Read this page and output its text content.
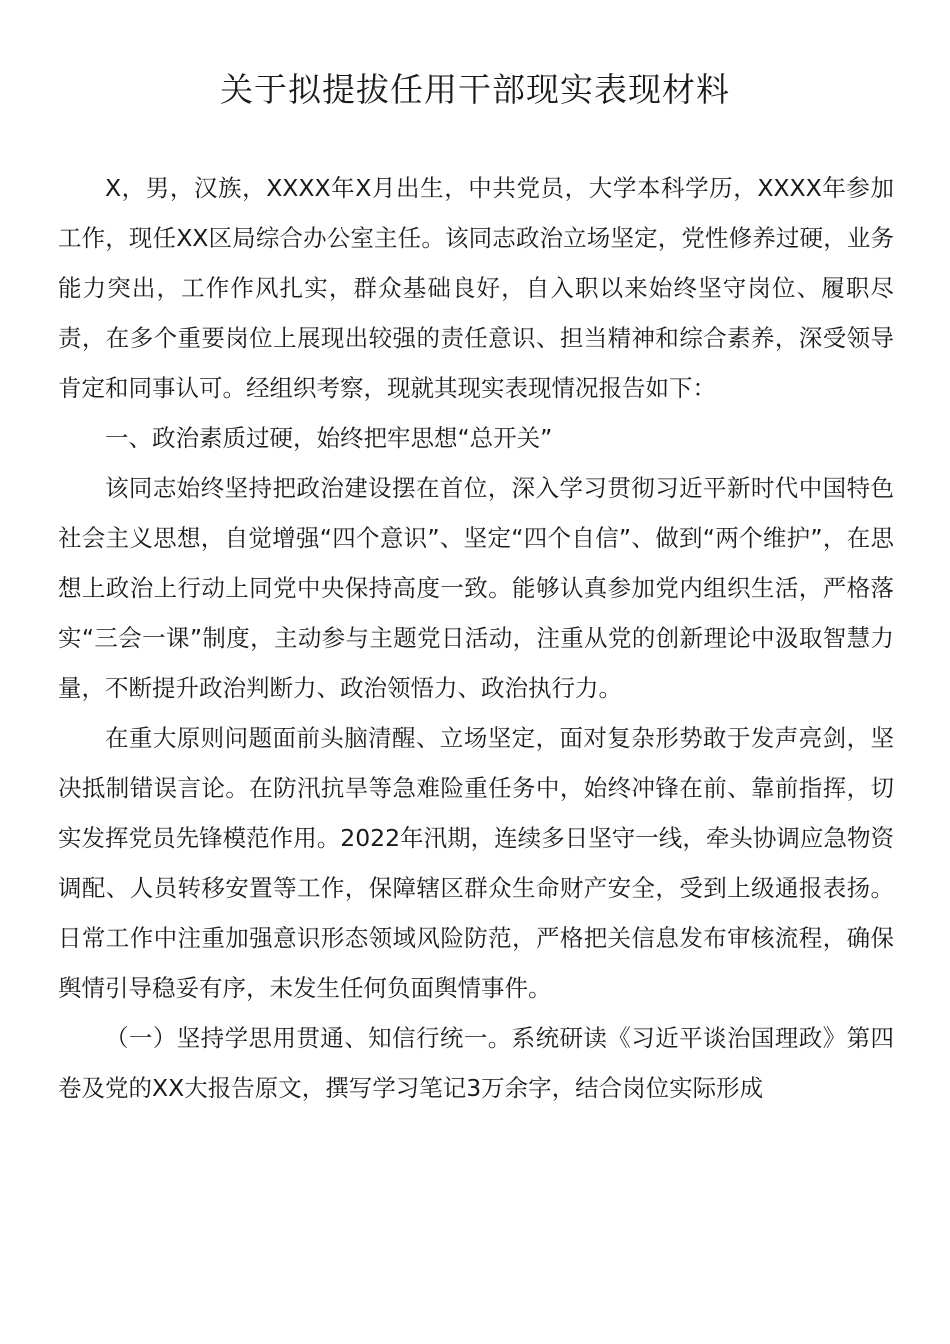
关于拟提拔任用干部现实表现材料

X，男，汉族，XXXX年X月出生，中共党员，大学本科学历，XXXX年参加工作，现任XX区局综合办公室主任。该同志政治立场坚定，党性修养过硬，业务能力突出，工作作风扎实，群众基础良好，自入职以来始终坚守岗位、履职尽责，在多个重要岗位上展现出较强的责任意识、担当精神和综合素养，深受领导肯定和同事认可。经组织考察，现就其现实表现情况报告如下：

一、政治素质过硬，始终把牢思想“总开关”

该同志始终坚持把政治建设摆在首位，深入学习贯彻习近平新时代中国特色社会主义思想，自觉增强“四个意识”、坚定“四个自信”、做到“两个维护”，在思想上政治上行动上同党中央保持高度一致。能够认真参加党内组织生活，严格落实“三会一课”制度，主动参与主题党日活动，注重从党的创新理论中汲取智慧力量，不断提升政治判断力、政治领悟力、政治执行力。

在重大原则问题面前头脑清醒、立场坚定，面对复杂形势敢于发声亮剑，坚决抵制错误言论。在防汛抗旱等急难险重任务中，始终冲锋在前、靠前指挥，切实发挥党员先锋模范作用。2022年汛期，连续多日坚守一线，牵头协调应急物资调配、人员转移安置等工作，保障辖区群众生命财产安全，受到上级通报表扬。日常工作中注重加强意识形态领域风险防范，严格把关信息发布审核流程，确保舆情引导稳妥有序，未发生任何负面舆情事件。

（一）坚持学思用贯通、知信行统一。系统研读《习近平谈治国理政》第四卷及党的XX大报告原文，撰写学习笔记3万余字，结合岗位实际形成
